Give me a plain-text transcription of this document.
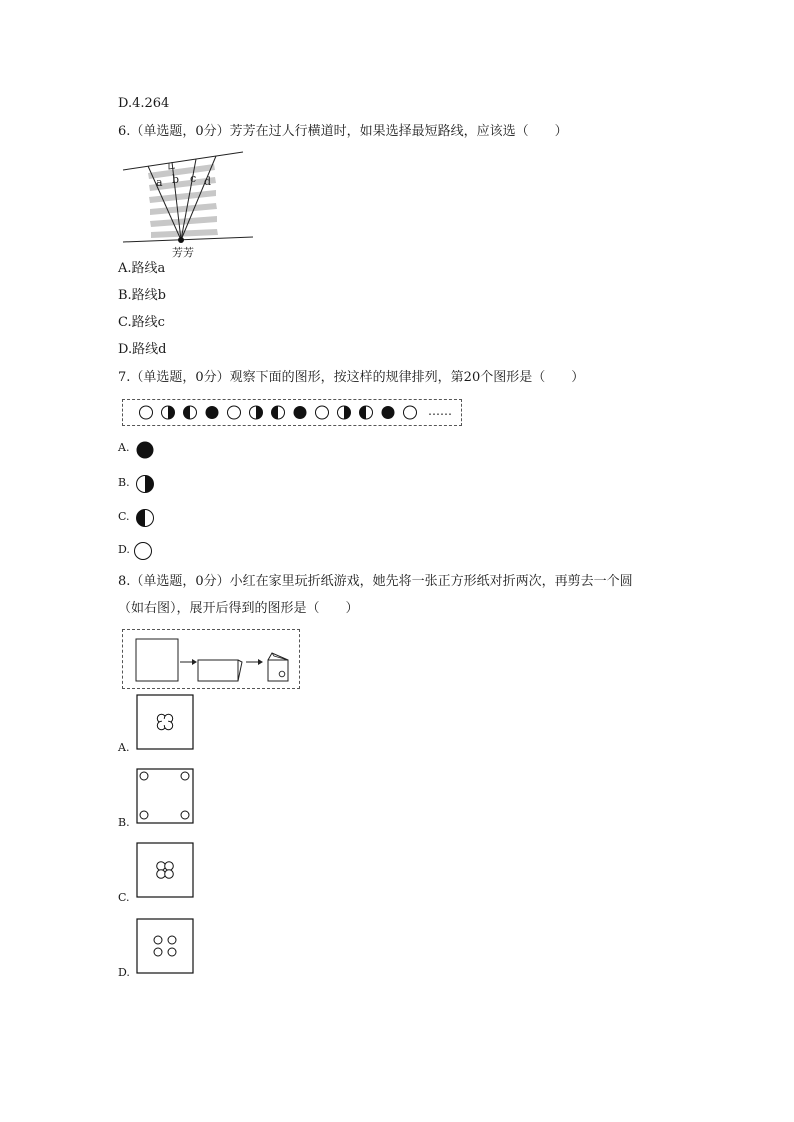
D.4.264
6.（单选题，0分）芳芳在过人行横道时，如果选择最短路线，应该选（　　）
a b c d
芳芳
A.路线a
B.路线b
C.路线c
D.路线d
7.（单选题，0分）观察下面的图形，按这样的规律排列，第20个图形是（　　）
……
A.
B.
C.
D.
8.（单选题，0分）小红在家里玩折纸游戏，她先将一张正方形纸对折两次，再剪去一个圆
（如右图），展开后得到的图形是（　　）
A.
B.
C.
D.
